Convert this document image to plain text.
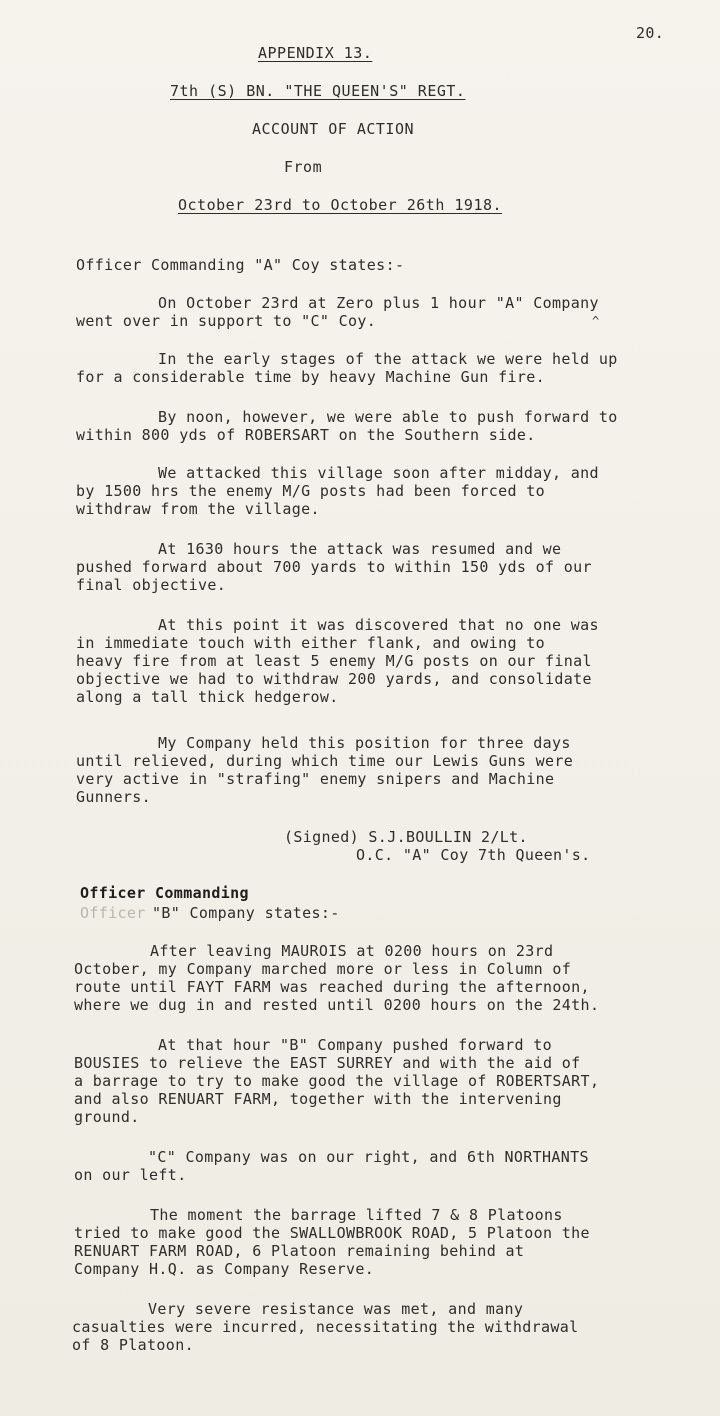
20.
APPENDIX 13.
7th (S) BN. "THE QUEEN'S" REGT.
ACCOUNT OF ACTION
From
October 23rd to October 26th 1918.
Officer Commanding "A" Coy states:-
On October 23rd at Zero plus 1 hour "A" Company
went over in support to "C" Coy.	^
In the early stages of the attack we were held up
for a considerable time by heavy Machine Gun fire.
By noon, however, we were able to push forward to
within 800 yds of ROBERSART on the Southern side.
We attacked this village soon after midday, and
by 1500 hrs the enemy M/G posts had been forced to
withdraw from the village.
At 1630 hours the attack was resumed and we
pushed forward about 700 yards to within 150 yds of our
final objective.
At this point it was discovered that no one was
in immediate touch with either flank, and owing to
heavy fire from at least 5 enemy M/G posts on our final
objective we had to withdraw 200 yards, and consolidate
along a tall thick hedgerow.
My Company held this position for three days
until relieved, during which time our Lewis Guns were
very active in "strafing" enemy snipers and Machine
Gunners.
(Signed) S.J.BOULLIN 2/Lt.
O.C. "A" Coy 7th Queen's.
Officer Commanding
Officer "B" Company states:-
After leaving MAUROIS at 0200 hours on 23rd
October, my Company marched more or less in Column of
route until FAYT FARM was reached during the afternoon,
where we dug in and rested until 0200 hours on the 24th.
At that hour "B" Company pushed forward to
BOUSIES to relieve the EAST SURREY and with the aid of
a barrage to try to make good the village of ROBERTSART,
and also RENUART FARM, together with the intervening
ground.
"C" Company was on our right, and 6th NORTHANTS
on our left.
The moment the barrage lifted 7 & 8 Platoons
tried to make good the SWALLOWBROOK ROAD, 5 Platoon the
RENUART FARM ROAD, 6 Platoon remaining behind at
Company H.Q. as Company Reserve.
Very severe resistance was met, and many
casualties were incurred, necessitating the withdrawal
of 8 Platoon.
